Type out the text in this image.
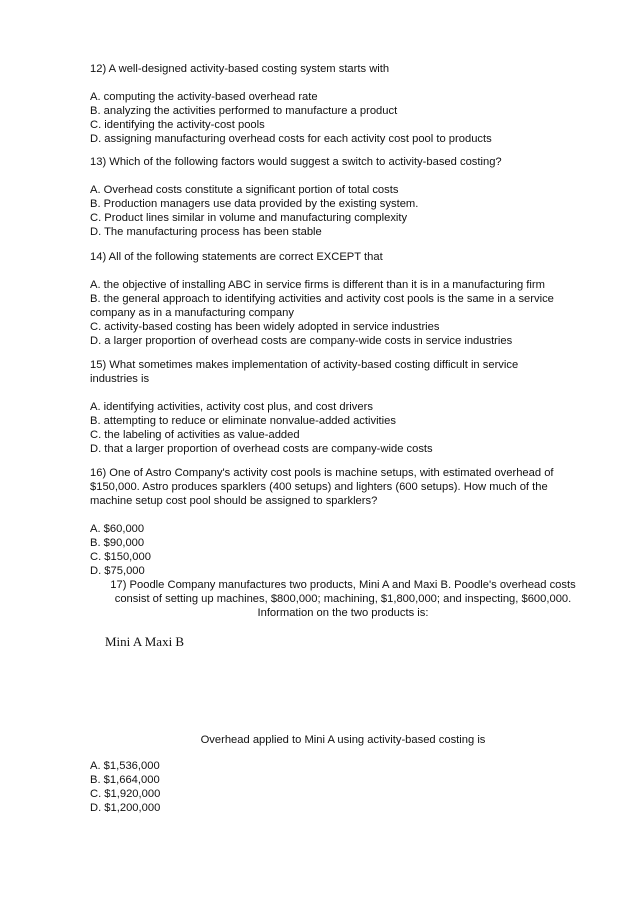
12) A well-designed activity-based costing system starts with

A. computing the activity-based overhead rate

B. analyzing the activities performed to manufacture a product

C. identifying the activity-cost pools

D. assigning manufacturing overhead costs for each activity cost pool to products

13) Which of the following factors would suggest a switch to activity-based costing?

A. Overhead costs constitute a significant portion of total costs

B. Production managers use data provided by the existing system.

C. Product lines similar in volume and manufacturing complexity

D. The manufacturing process has been stable

14) All of the following statements are correct EXCEPT that

A. the objective of installing ABC in service firms is different than it is in a manufacturing firm

B. the general approach to identifying activities and activity cost pools is the same in a service company as in a manufacturing company

C. activity-based costing has been widely adopted in service industries

D. a larger proportion of overhead costs are company-wide costs in service industries

15) What sometimes makes implementation of activity-based costing difficult in service industries is

A. identifying activities, activity cost plus, and cost drivers

B. attempting to reduce or eliminate nonvalue-added activities

C. the labeling of activities as value-added

D. that a larger proportion of overhead costs are company-wide costs

16) One of Astro Company's activity cost pools is machine setups, with estimated overhead of $150,000. Astro produces sparklers (400 setups) and lighters (600 setups). How much of the machine setup cost pool should be assigned to sparklers?

A. $60,000

B. $90,000

C. $150,000

D. $75,000

17) Poodle Company manufactures two products, Mini A and Maxi B. Poodle's overhead costs
consist of setting up machines, $800,000; machining, $1,800,000; and inspecting, $600,000.
Information on the two products is:
Mini A Maxi B
Overhead applied to Mini A using activity-based costing is

A. $1,536,000

B. $1,664,000

C. $1,920,000

D. $1,200,000
